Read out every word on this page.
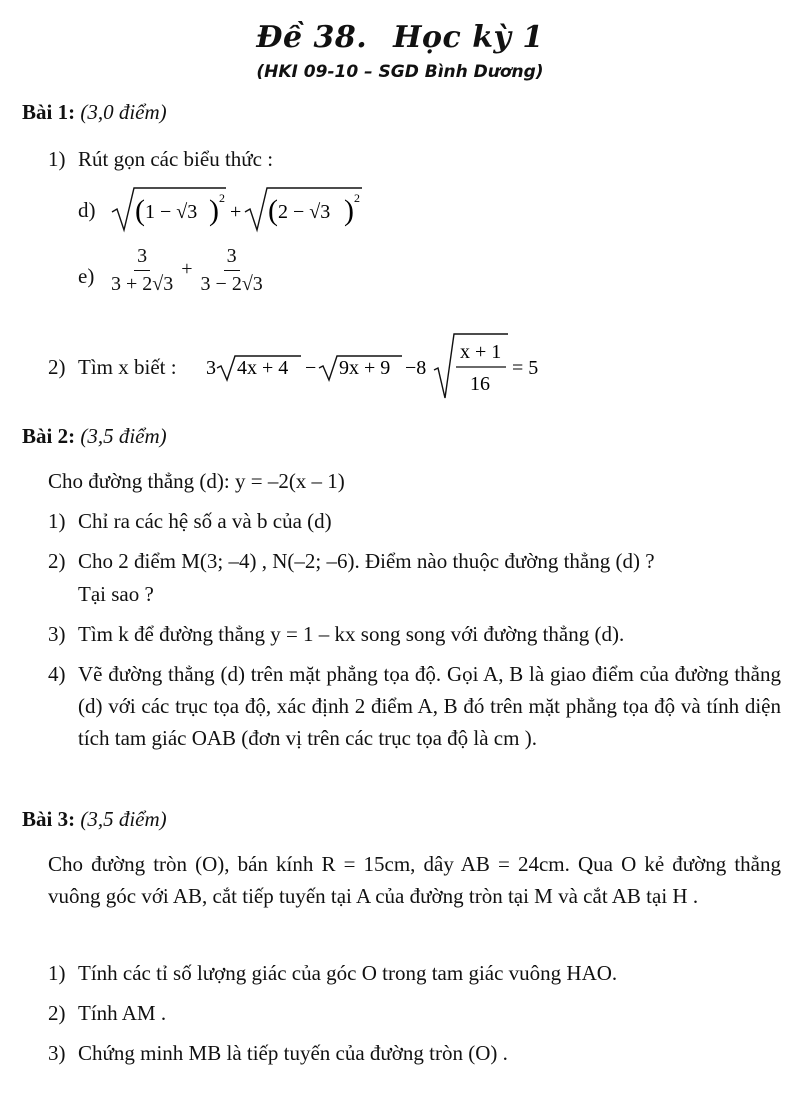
Đề 38. Học kỳ 1
(HKI 09-10 – SGD Bình Dương)
Bài 1: (3,0 điểm)
1) Rút gọn các biểu thức :
d) ( 1 − √3 ) 2
+ ( 2 − √3 ) 2
$e) \frac{3}{3 + 2√3} + \frac{3}{3 - 2√3}$
2) Tìm x biết : 3 4x + 4 − 9x + 9 −8
x + 1
16
= 5
Bài 2: (3,5 điểm)
Cho đường thẳng (d): y = –2(x – 1)
1) Chỉ ra các hệ số a và b của (d)
2) Cho 2 điểm M(3; –4) , N(–2; –6). Điểm nào thuộc đường thẳng (d) ?
Tại sao ?
3) Tìm k để đường thẳng y = 1 – kx song song với đường thẳng (d).
4) Vẽ đường thẳng (d) trên mặt phẳng tọa độ. Gọi A, B là giao điểm của đường thẳng (d) với các trục tọa độ, xác định 2 điểm A, B đó trên mặt phẳng tọa độ và tính diện tích tam giác OAB (đơn vị trên các trục tọa độ là cm ).
Bài 3: (3,5 điểm)
Cho đường tròn (O), bán kính R = 15cm, dây AB = 24cm. Qua O kẻ đường thẳng vuông góc với AB, cắt tiếp tuyến tại A của đường tròn tại M và cắt AB tại H .
1) Tính các tỉ số lượng giác của góc O trong tam giác vuông HAO.
2) Tính AM .
3) Chứng minh MB là tiếp tuyến của đường tròn (O) .
